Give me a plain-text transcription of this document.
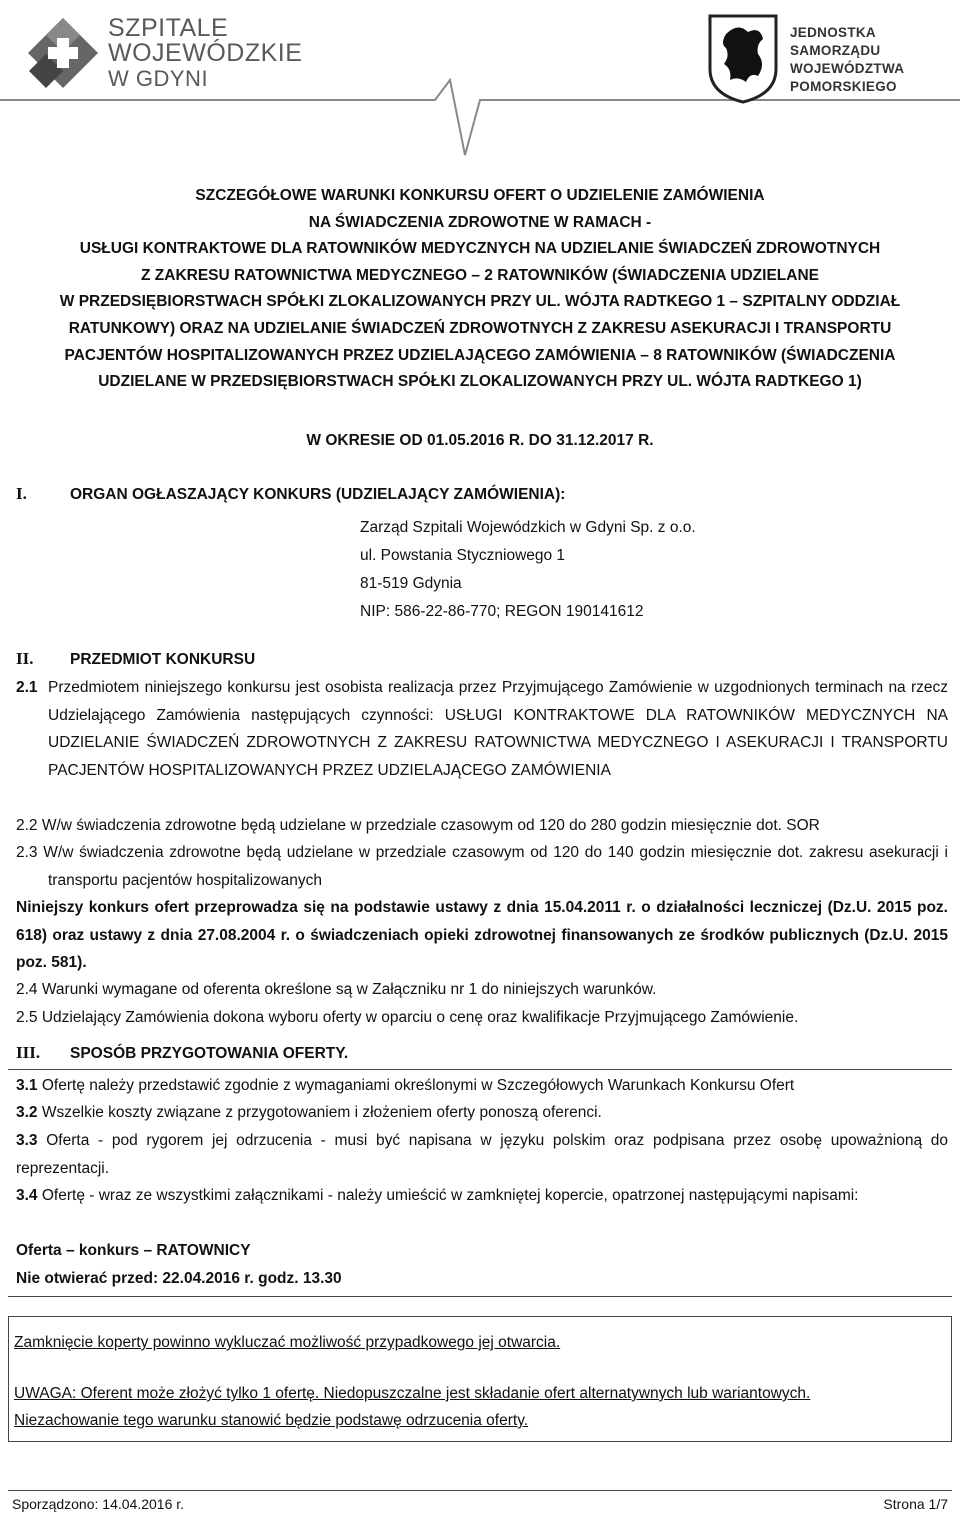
SZPITALE
WOJEWÓDZKIE
W GDYNI
JEDNOSTKA
SAMORZĄDU
WOJEWÓDZTWA
POMORSKIEGO
SZCZEGÓŁOWE WARUNKI KONKURSU OFERT O UDZIELENIE ZAMÓWIENIA
NA ŚWIADCZENIA ZDROWOTNE W RAMACH -
USŁUGI KONTRAKTOWE DLA RATOWNIKÓW MEDYCZNYCH NA UDZIELANIE ŚWIADCZEŃ ZDROWOTNYCH
Z ZAKRESU RATOWNICTWA MEDYCZNEGO – 2 RATOWNIKÓW (ŚWIADCZENIA UDZIELANE
W PRZEDSIĘBIORSTWACH SPÓŁKI ZLOKALIZOWANYCH PRZY UL. WÓJTA RADTKEGO 1 – SZPITALNY ODDZIAŁ
RATUNKOWY) ORAZ NA UDZIELANIE ŚWIADCZEŃ ZDROWOTNYCH Z ZAKRESU ASEKURACJI I TRANSPORTU
PACJENTÓW HOSPITALIZOWANYCH PRZEZ UDZIELAJĄCEGO ZAMÓWIENIA – 8 RATOWNIKÓW (ŚWIADCZENIA
UDZIELANE W PRZEDSIĘBIORSTWACH SPÓŁKI ZLOKALIZOWANYCH PRZY UL. WÓJTA RADTKEGO 1)
W OKRESIE OD 01.05.2016 R. DO 31.12.2017 R.
I.	ORGAN OGŁASZAJĄCY KONKURS (UDZIELAJĄCY ZAMÓWIENIA):
Zarząd Szpitali Wojewódzkich w Gdyni Sp. z o.o.
ul. Powstania Styczniowego 1
81-519 Gdynia
NIP: 586-22-86-770; REGON 190141612
II. PRZEDMIOT KONKURSU
2.1 Przedmiotem niniejszego konkursu jest osobista realizacja przez Przyjmującego Zamówienie w uzgodnionych terminach na rzecz Udzielającego Zamówienia następujących czynności: USŁUGI KONTRAKTOWE DLA RATOWNIKÓW MEDYCZNYCH NA UDZIELANIE ŚWIADCZEŃ ZDROWOTNYCH Z ZAKRESU RATOWNICTWA MEDYCZNEGO I ASEKURACJI I TRANSPORTU PACJENTÓW HOSPITALIZOWANYCH PRZEZ UDZIELAJĄCEGO ZAMÓWIENIA
2.2 W/w świadczenia zdrowotne będą udzielane w przedziale czasowym od 120 do 280 godzin miesięcznie dot. SOR
2.3 W/w świadczenia zdrowotne będą udzielane w przedziale czasowym od 120 do 140 godzin miesięcznie dot. zakresu asekuracji i transportu pacjentów hospitalizowanych
Niniejszy konkurs ofert przeprowadza się na podstawie ustawy z dnia 15.04.2011 r. o działalności leczniczej (Dz.U. 2015 poz. 618) oraz ustawy z dnia 27.08.2004 r. o świadczeniach opieki zdrowotnej finansowanych ze środków publicznych (Dz.U. 2015 poz. 581).
2.4 Warunki wymagane od oferenta określone są w Załączniku nr 1 do niniejszych warunków.
2.5 Udzielający Zamówienia dokona wyboru oferty w oparciu o cenę oraz kwalifikacje Przyjmującego Zamówienie.
III. SPOSÓB PRZYGOTOWANIA OFERTY.
3.1 Ofertę należy przedstawić zgodnie z wymaganiami określonymi w Szczegółowych Warunkach Konkursu Ofert
3.2 Wszelkie koszty związane z przygotowaniem i złożeniem oferty ponoszą oferenci.
3.3 Oferta - pod rygorem jej odrzucenia - musi być napisana w języku polskim oraz podpisana przez osobę upoważnioną do reprezentacji.
3.4 Ofertę - wraz ze wszystkimi załącznikami - należy umieścić w zamkniętej kopercie, opatrzonej następującymi napisami:
Oferta – konkurs – RATOWNICY
Nie otwierać przed: 22.04.2016 r. godz. 13.30
Zamknięcie koperty powinno wykluczać możliwość przypadkowego jej otwarcia.
UWAGA: Oferent może złożyć tylko 1 ofertę. Niedopuszczalne jest składanie ofert alternatywnych lub wariantowych.
Niezachowanie tego warunku stanowić będzie podstawę odrzucenia oferty.
Sporządzono: 14.04.2016 r.	Strona 1/7
